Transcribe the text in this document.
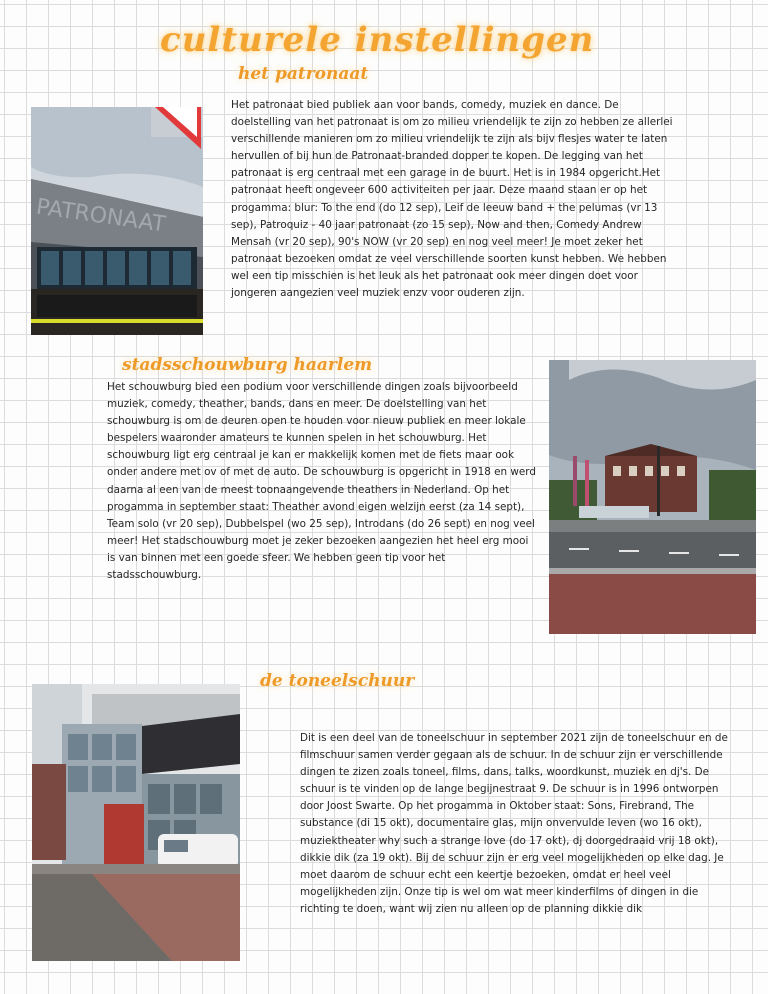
culturele instellingen
het patronaat
PATRONAAT

Het patronaat bied publiek aan voor bands, comedy, muziek en dance. De doelstelling van het patronaat is om zo milieu vriendelijk te zijn zo hebben ze allerlei verschillende manieren om zo milieu vriendelijk te zijn als bijv flesjes water te laten hervullen of bij hun de Patronaat-branded dopper te kopen. De legging van het patronaat is erg centraal met een garage in de buurt. Het is in 1984 opgericht.Het patronaat heeft ongeveer 600 activiteiten per jaar. Deze maand staan er op het progamma: blur: To the end (do 12 sep), Leif de leeuw band + the pelumas (vr 13 sep), Patroquiz - 40 jaar patronaat (zo 15 sep), Now and then, Comedy Andrew Mensah (vr 20 sep), 90's NOW (vr 20 sep) en nog veel meer! Je moet zeker het patronaat bezoeken omdat ze veel verschillende soorten kunst hebben. We hebben wel een tip misschien is het leuk als het patronaat ook meer dingen doet voor jongeren aangezien veel muziek enzv voor ouderen zijn.

stadsschouwburg haarlem

Het schouwburg bied een podium voor verschillende dingen zoals bijvoorbeeld muziek, comedy, theather, bands, dans en meer. De doelstelling van het schouwburg is om de deuren open te houden voor nieuw publiek en meer lokale bespelers waaronder amateurs te kunnen spelen in het schouwburg. Het schouwburg ligt erg centraal je kan er makkelijk komen met de fiets maar ook onder andere met ov of met de auto. De schouwburg is opgericht in 1918 en werd daarna al een van de meest toonaangevende theathers in Nederland. Op het progamma in september staat: Theather avond eigen welzijn eerst (za 14 sept), Team solo (vr 20 sep), Dubbelspel (wo 25 sep), Introdans (do 26 sept) en nog veel meer! Het stadschouwburg moet je zeker bezoeken aangezien het heel erg mooi is van binnen met een goede sfeer. We hebben geen tip voor het stadsschouwburg.

de toneelschuur

Dit is een deel van de toneelschuur in september 2021 zijn de toneelschuur en de filmschuur samen verder gegaan als de schuur. In de schuur zijn er verschillende dingen te zizen zoals toneel, films, dans, talks, woordkunst, muziek en dj's. De schuur is te vinden op de lange begijnestraat 9. De schuur is in 1996 ontworpen door Joost Swarte. Op het progamma in Oktober staat: Sons, Firebrand, The substance (di 15 okt), documentaire glas, mijn onvervulde leven (wo 16 okt), muziektheater why such a strange love (do 17 okt), dj doorgedraaid vrij 18 okt), dikkie dik (za 19 okt). Bij de schuur zijn er erg veel mogelijkheden op elke dag. Je moet daarom de schuur echt een keertje bezoeken, omdat er heel veel mogelijkheden zijn. Onze tip is wel om wat meer kinderfilms of dingen in die richting te doen, want wij zien nu alleen op de planning dikkie dik
